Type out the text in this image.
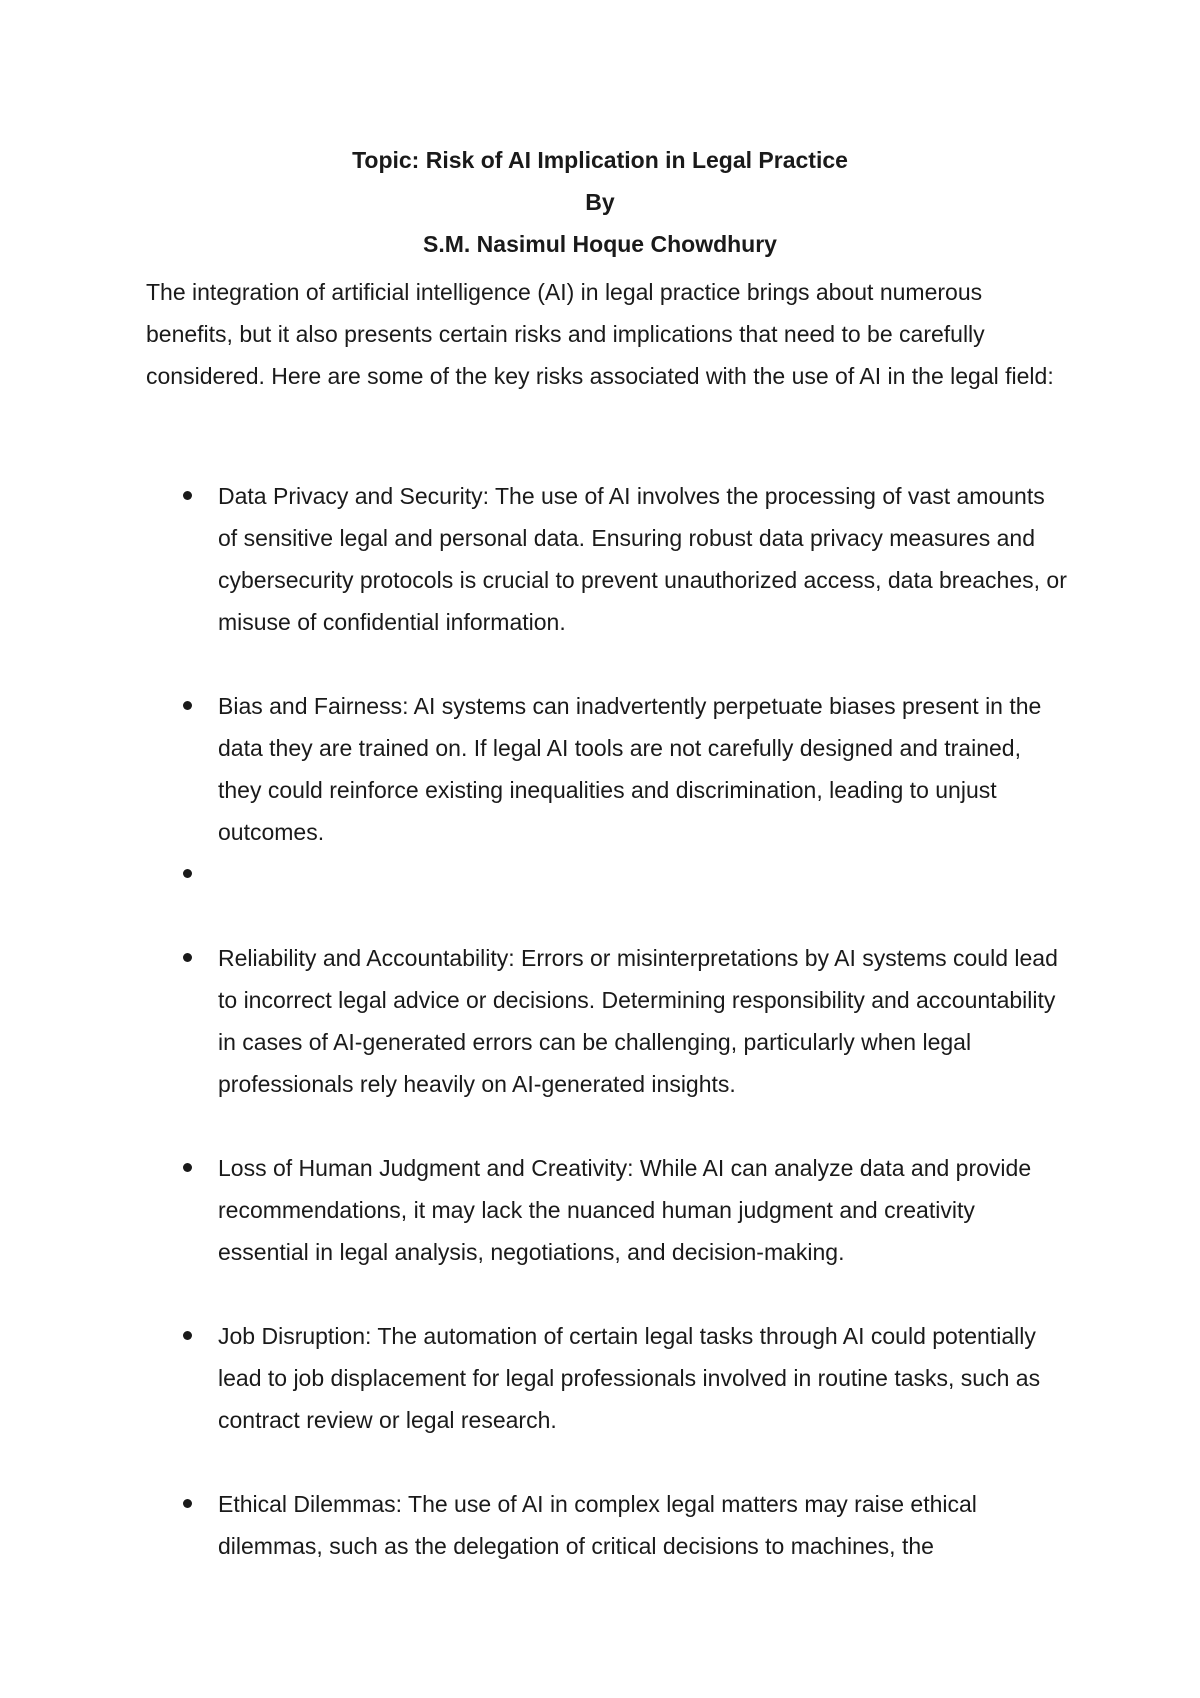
Topic: Risk of AI Implication in Legal Practice
By
S.M. Nasimul Hoque Chowdhury

The integration of artificial intelligence (AI) in legal practice brings about numerous benefits, but it also presents certain risks and implications that need to be carefully considered. Here are some of the key risks associated with the use of AI in the legal field:

Data Privacy and Security: The use of AI involves the processing of vast amounts of sensitive legal and personal data. Ensuring robust data privacy measures and cybersecurity protocols is crucial to prevent unauthorized access, data breaches, or misuse of confidential information.
Bias and Fairness: AI systems can inadvertently perpetuate biases present in the data they are trained on. If legal AI tools are not carefully designed and trained, they could reinforce existing inequalities and discrimination, leading to unjust outcomes.
Reliability and Accountability: Errors or misinterpretations by AI systems could lead to incorrect legal advice or decisions. Determining responsibility and accountability in cases of AI-generated errors can be challenging, particularly when legal professionals rely heavily on AI-generated insights.
Loss of Human Judgment and Creativity: While AI can analyze data and provide recommendations, it may lack the nuanced human judgment and creativity essential in legal analysis, negotiations, and decision-making.
Job Disruption: The automation of certain legal tasks through AI could potentially lead to job displacement for legal professionals involved in routine tasks, such as contract review or legal research.
Ethical Dilemmas: The use of AI in complex legal matters may raise ethical dilemmas, such as the delegation of critical decisions to machines, the
